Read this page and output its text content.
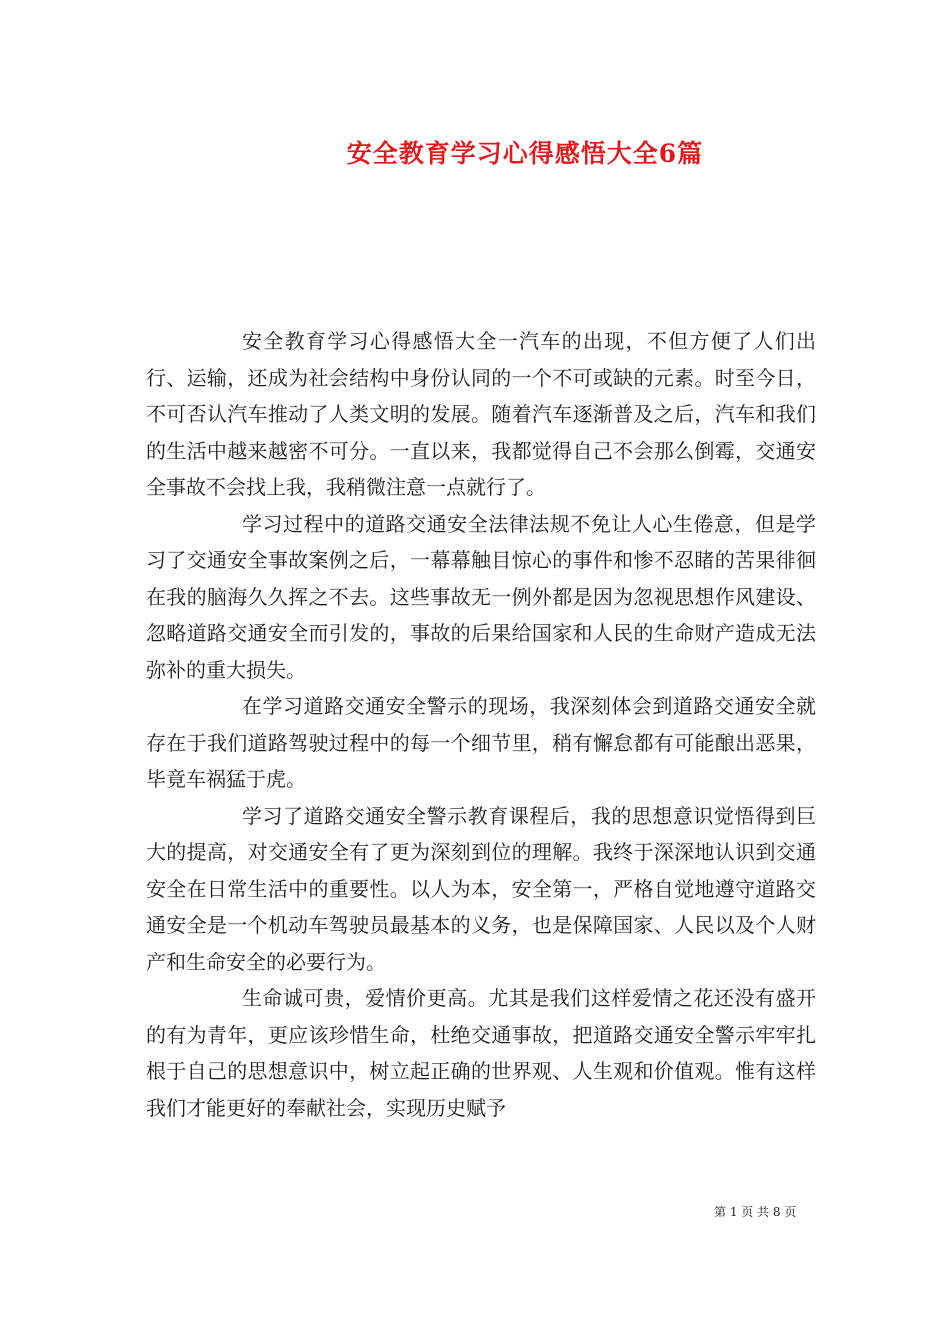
安全教育学习心得感悟大全6篇

安全教育学习心得感悟大全一汽车的出现，不但方便了人们出行、运输，还成为社会结构中身份认同的一个不可或缺的元素。时至今日，不可否认汽车推动了人类文明的发展。随着汽车逐渐普及之后，汽车和我们的生活中越来越密不可分。一直以来，我都觉得自己不会那么倒霉，交通安全事故不会找上我，我稍微注意一点就行了。

学习过程中的道路交通安全法律法规不免让人心生倦意，但是学习了交通安全事故案例之后，一幕幕触目惊心的事件和惨不忍睹的苦果徘徊在我的脑海久久挥之不去。这些事故无一例外都是因为忽视思想作风建设、忽略道路交通安全而引发的，事故的后果给国家和人民的生命财产造成无法弥补的重大损失。

在学习道路交通安全警示的现场，我深刻体会到道路交通安全就存在于我们道路驾驶过程中的每一个细节里，稍有懈怠都有可能酿出恶果，毕竟车祸猛于虎。

学习了道路交通安全警示教育课程后，我的思想意识觉悟得到巨大的提高，对交通安全有了更为深刻到位的理解。我终于深深地认识到交通安全在日常生活中的重要性。以人为本，安全第一，严格自觉地遵守道路交通安全是一个机动车驾驶员最基本的义务，也是保障国家、人民以及个人财产和生命安全的必要行为。

生命诚可贵，爱情价更高。尤其是我们这样爱情之花还没有盛开的有为青年，更应该珍惜生命，杜绝交通事故，把道路交通安全警示牢牢扎根于自己的思想意识中，树立起正确的世界观、人生观和价值观。惟有这样我们才能更好的奉献社会，实现历史赋予

第 1 页 共 8 页
